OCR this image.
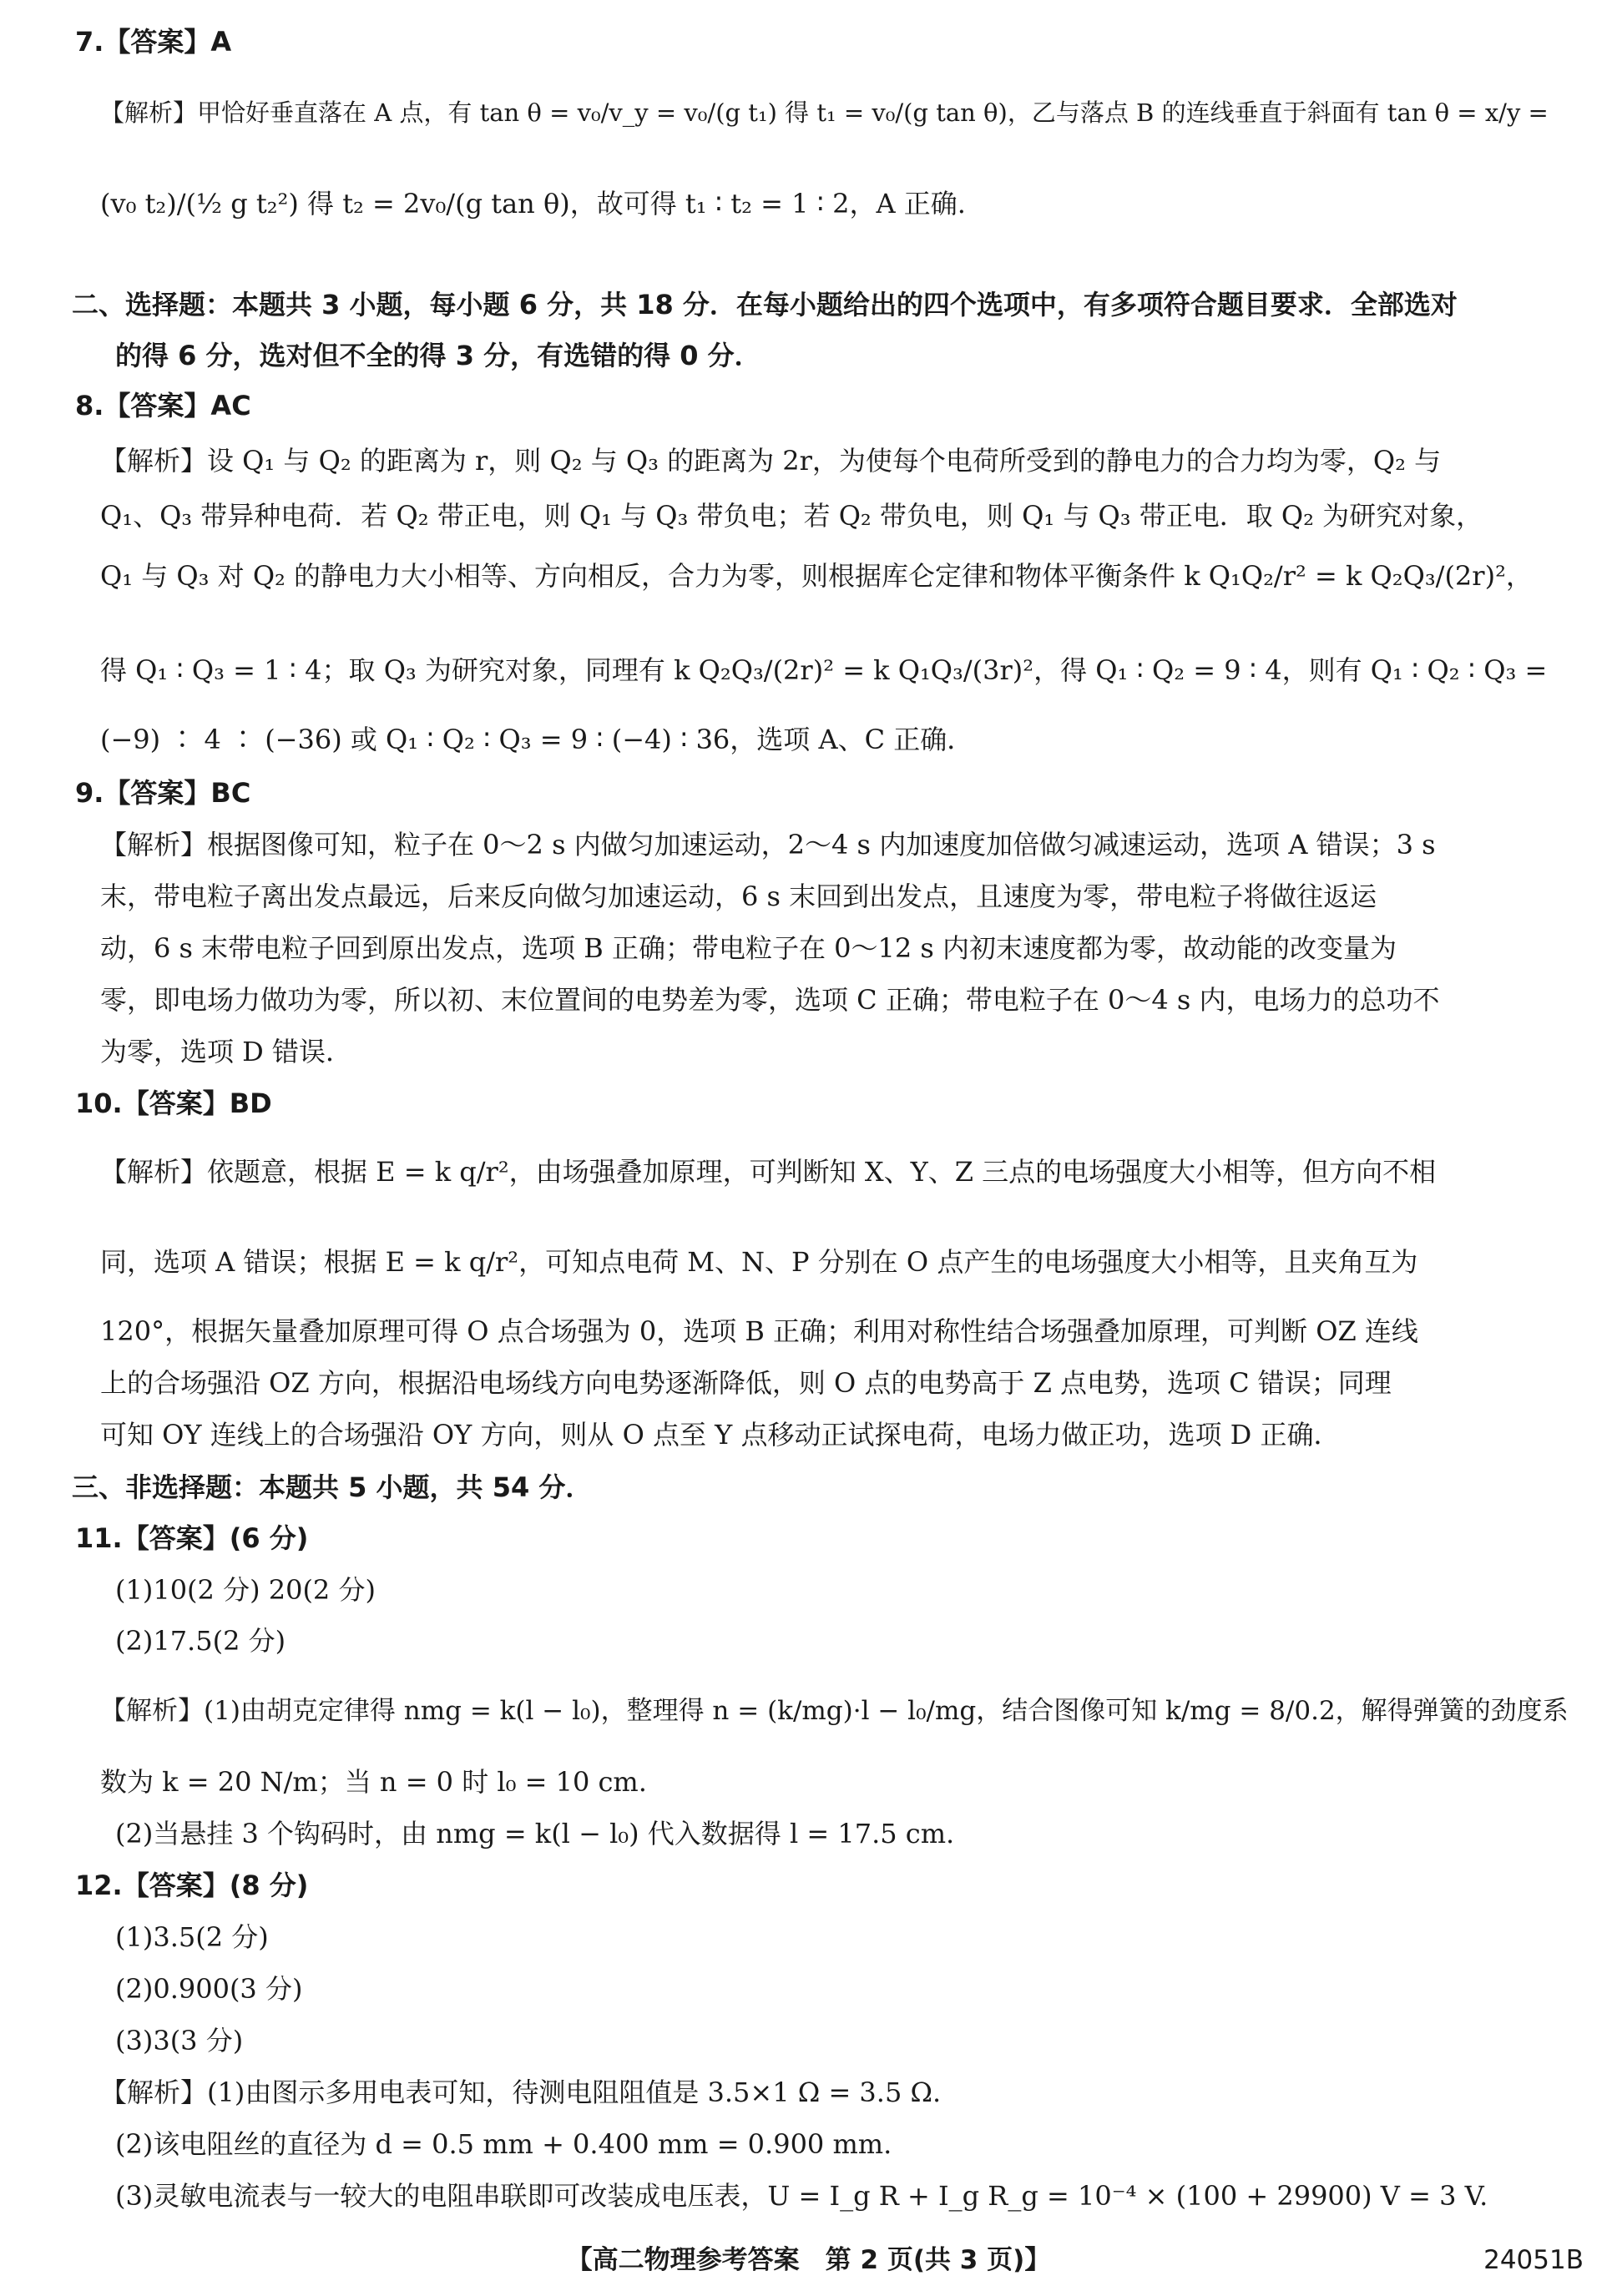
7.【答案】A
【解析】甲恰好垂直落在 A 点，有 tan θ = v₀/v_y = v₀/(g t₁) 得 t₁ = v₀/(g tan θ)，乙与落点 B 的连线垂直于斜面有 tan θ = x/y =
(v₀ t₂)/(½ g t₂²) 得 t₂ = 2v₀/(g tan θ)，故可得 t₁ ∶ t₂ = 1 ∶ 2，A 正确.
二、选择题：本题共 3 小题，每小题 6 分，共 18 分．在每小题给出的四个选项中，有多项符合题目要求．全部选对
的得 6 分，选对但不全的得 3 分，有选错的得 0 分．
8.【答案】AC
【解析】设 Q₁ 与 Q₂ 的距离为 r，则 Q₂ 与 Q₃ 的距离为 2r，为使每个电荷所受到的静电力的合力均为零，Q₂ 与
Q₁、Q₃ 带异种电荷．若 Q₂ 带正电，则 Q₁ 与 Q₃ 带负电；若 Q₂ 带负电，则 Q₁ 与 Q₃ 带正电．取 Q₂ 为研究对象，
Q₁ 与 Q₃ 对 Q₂ 的静电力大小相等、方向相反，合力为零，则根据库仑定律和物体平衡条件 k Q₁Q₂/r² = k Q₂Q₃/(2r)²，
得 Q₁ ∶ Q₃ = 1 ∶ 4；取 Q₃ 为研究对象，同理有 k Q₂Q₃/(2r)² = k Q₁Q₃/(3r)²，得 Q₁ ∶ Q₂ = 9 ∶ 4，则有 Q₁ ∶ Q₂ ∶ Q₃ =
(−9) ∶ 4 ∶ (−36) 或 Q₁ ∶ Q₂ ∶ Q₃ = 9 ∶ (−4) ∶ 36，选项 A、C 正确．
9.【答案】BC
【解析】根据图像可知，粒子在 0～2 s 内做匀加速运动，2～4 s 内加速度加倍做匀减速运动，选项 A 错误；3 s
末，带电粒子离出发点最远，后来反向做匀加速运动，6 s 末回到出发点，且速度为零，带电粒子将做往返运
动，6 s 末带电粒子回到原出发点，选项 B 正确；带电粒子在 0～12 s 内初末速度都为零，故动能的改变量为
零，即电场力做功为零，所以初、末位置间的电势差为零，选项 C 正确；带电粒子在 0～4 s 内，电场力的总功不
为零，选项 D 错误．
10.【答案】BD
【解析】依题意，根据 E = k q/r²，由场强叠加原理，可判断知 X、Y、Z 三点的电场强度大小相等，但方向不相
同，选项 A 错误；根据 E = k q/r²，可知点电荷 M、N、P 分别在 O 点产生的电场强度大小相等，且夹角互为
120°，根据矢量叠加原理可得 O 点合场强为 0，选项 B 正确；利用对称性结合场强叠加原理，可判断 OZ 连线
上的合场强沿 OZ 方向，根据沿电场线方向电势逐渐降低，则 O 点的电势高于 Z 点电势，选项 C 错误；同理
可知 OY 连线上的合场强沿 OY 方向，则从 O 点至 Y 点移动正试探电荷，电场力做正功，选项 D 正确．
三、非选择题：本题共 5 小题，共 54 分．
11.【答案】(6 分)
(1)10(2 分) 20(2 分)
(2)17.5(2 分)
【解析】(1)由胡克定律得 nmg = k(l − l₀)，整理得 n = (k/mg)·l − l₀/mg，结合图像可知 k/mg = 8/0.2，解得弹簧的劲度系
数为 k = 20 N/m；当 n = 0 时 l₀ = 10 cm.
(2)当悬挂 3 个钩码时，由 nmg = k(l − l₀) 代入数据得 l = 17.5 cm.
12.【答案】(8 分)
(1)3.5(2 分)
(2)0.900(3 分)
(3)3(3 分)
【解析】(1)由图示多用电表可知，待测电阻阻值是 3.5×1 Ω = 3.5 Ω.
(2)该电阻丝的直径为 d = 0.5 mm + 0.400 mm = 0.900 mm.
(3)灵敏电流表与一较大的电阻串联即可改装成电压表，U = I_g R + I_g R_g = 10⁻⁴ × (100 + 29900) V = 3 V.
【高二物理参考答案　第 2 页(共 3 页)】	24051B
